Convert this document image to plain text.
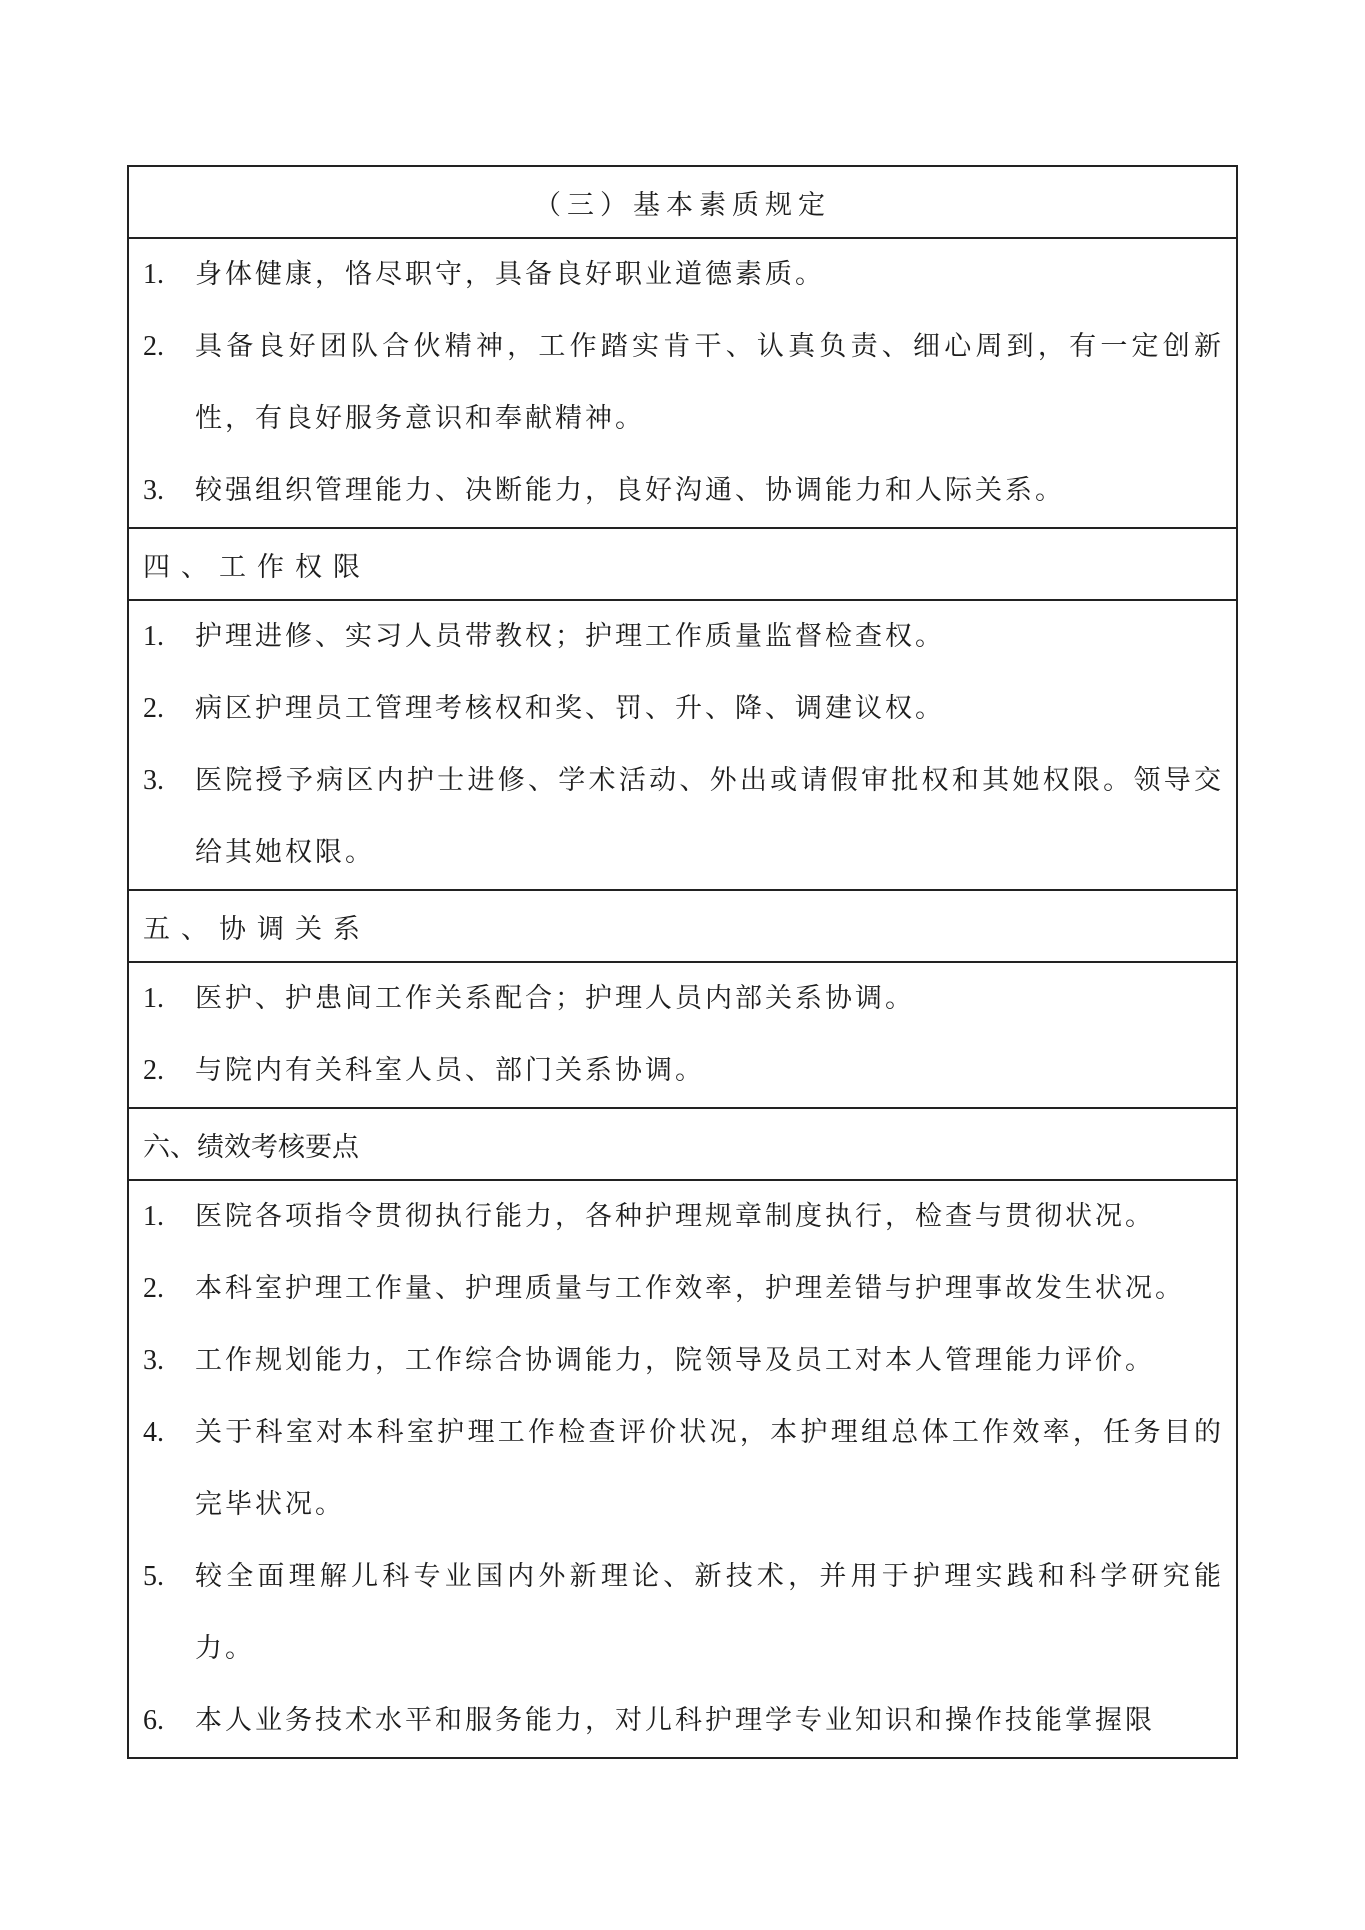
（三）基本素质规定
1.	身体健康，恪尽职守，具备良好职业道德素质。
2.	具备良好团队合伙精神，工作踏实肯干、认真负责、细心周到，有一定创新性，有良好服务意识和奉献精神。
3.	较强组织管理能力、决断能力，良好沟通、协调能力和人际关系。
四、工作权限
1.	护理进修、实习人员带教权；护理工作质量监督检查权。
2.	病区护理员工管理考核权和奖、罚、升、降、调建议权。
3.	医院授予病区内护士进修、学术活动、外出或请假审批权和其她权限。领导交给其她权限。
五、协调关系
1.	医护、护患间工作关系配合；护理人员内部关系协调。
2.	与院内有关科室人员、部门关系协调。
六、绩效考核要点
1.	医院各项指令贯彻执行能力，各种护理规章制度执行，检查与贯彻状况。
2.	本科室护理工作量、护理质量与工作效率，护理差错与护理事故发生状况。
3.	工作规划能力，工作综合协调能力，院领导及员工对本人管理能力评价。
4.	关于科室对本科室护理工作检查评价状况，本护理组总体工作效率，任务目的完毕状况。
5.	较全面理解儿科专业国内外新理论、新技术，并用于护理实践和科学研究能力。
6.	本人业务技术水平和服务能力，对儿科护理学专业知识和操作技能掌握限
